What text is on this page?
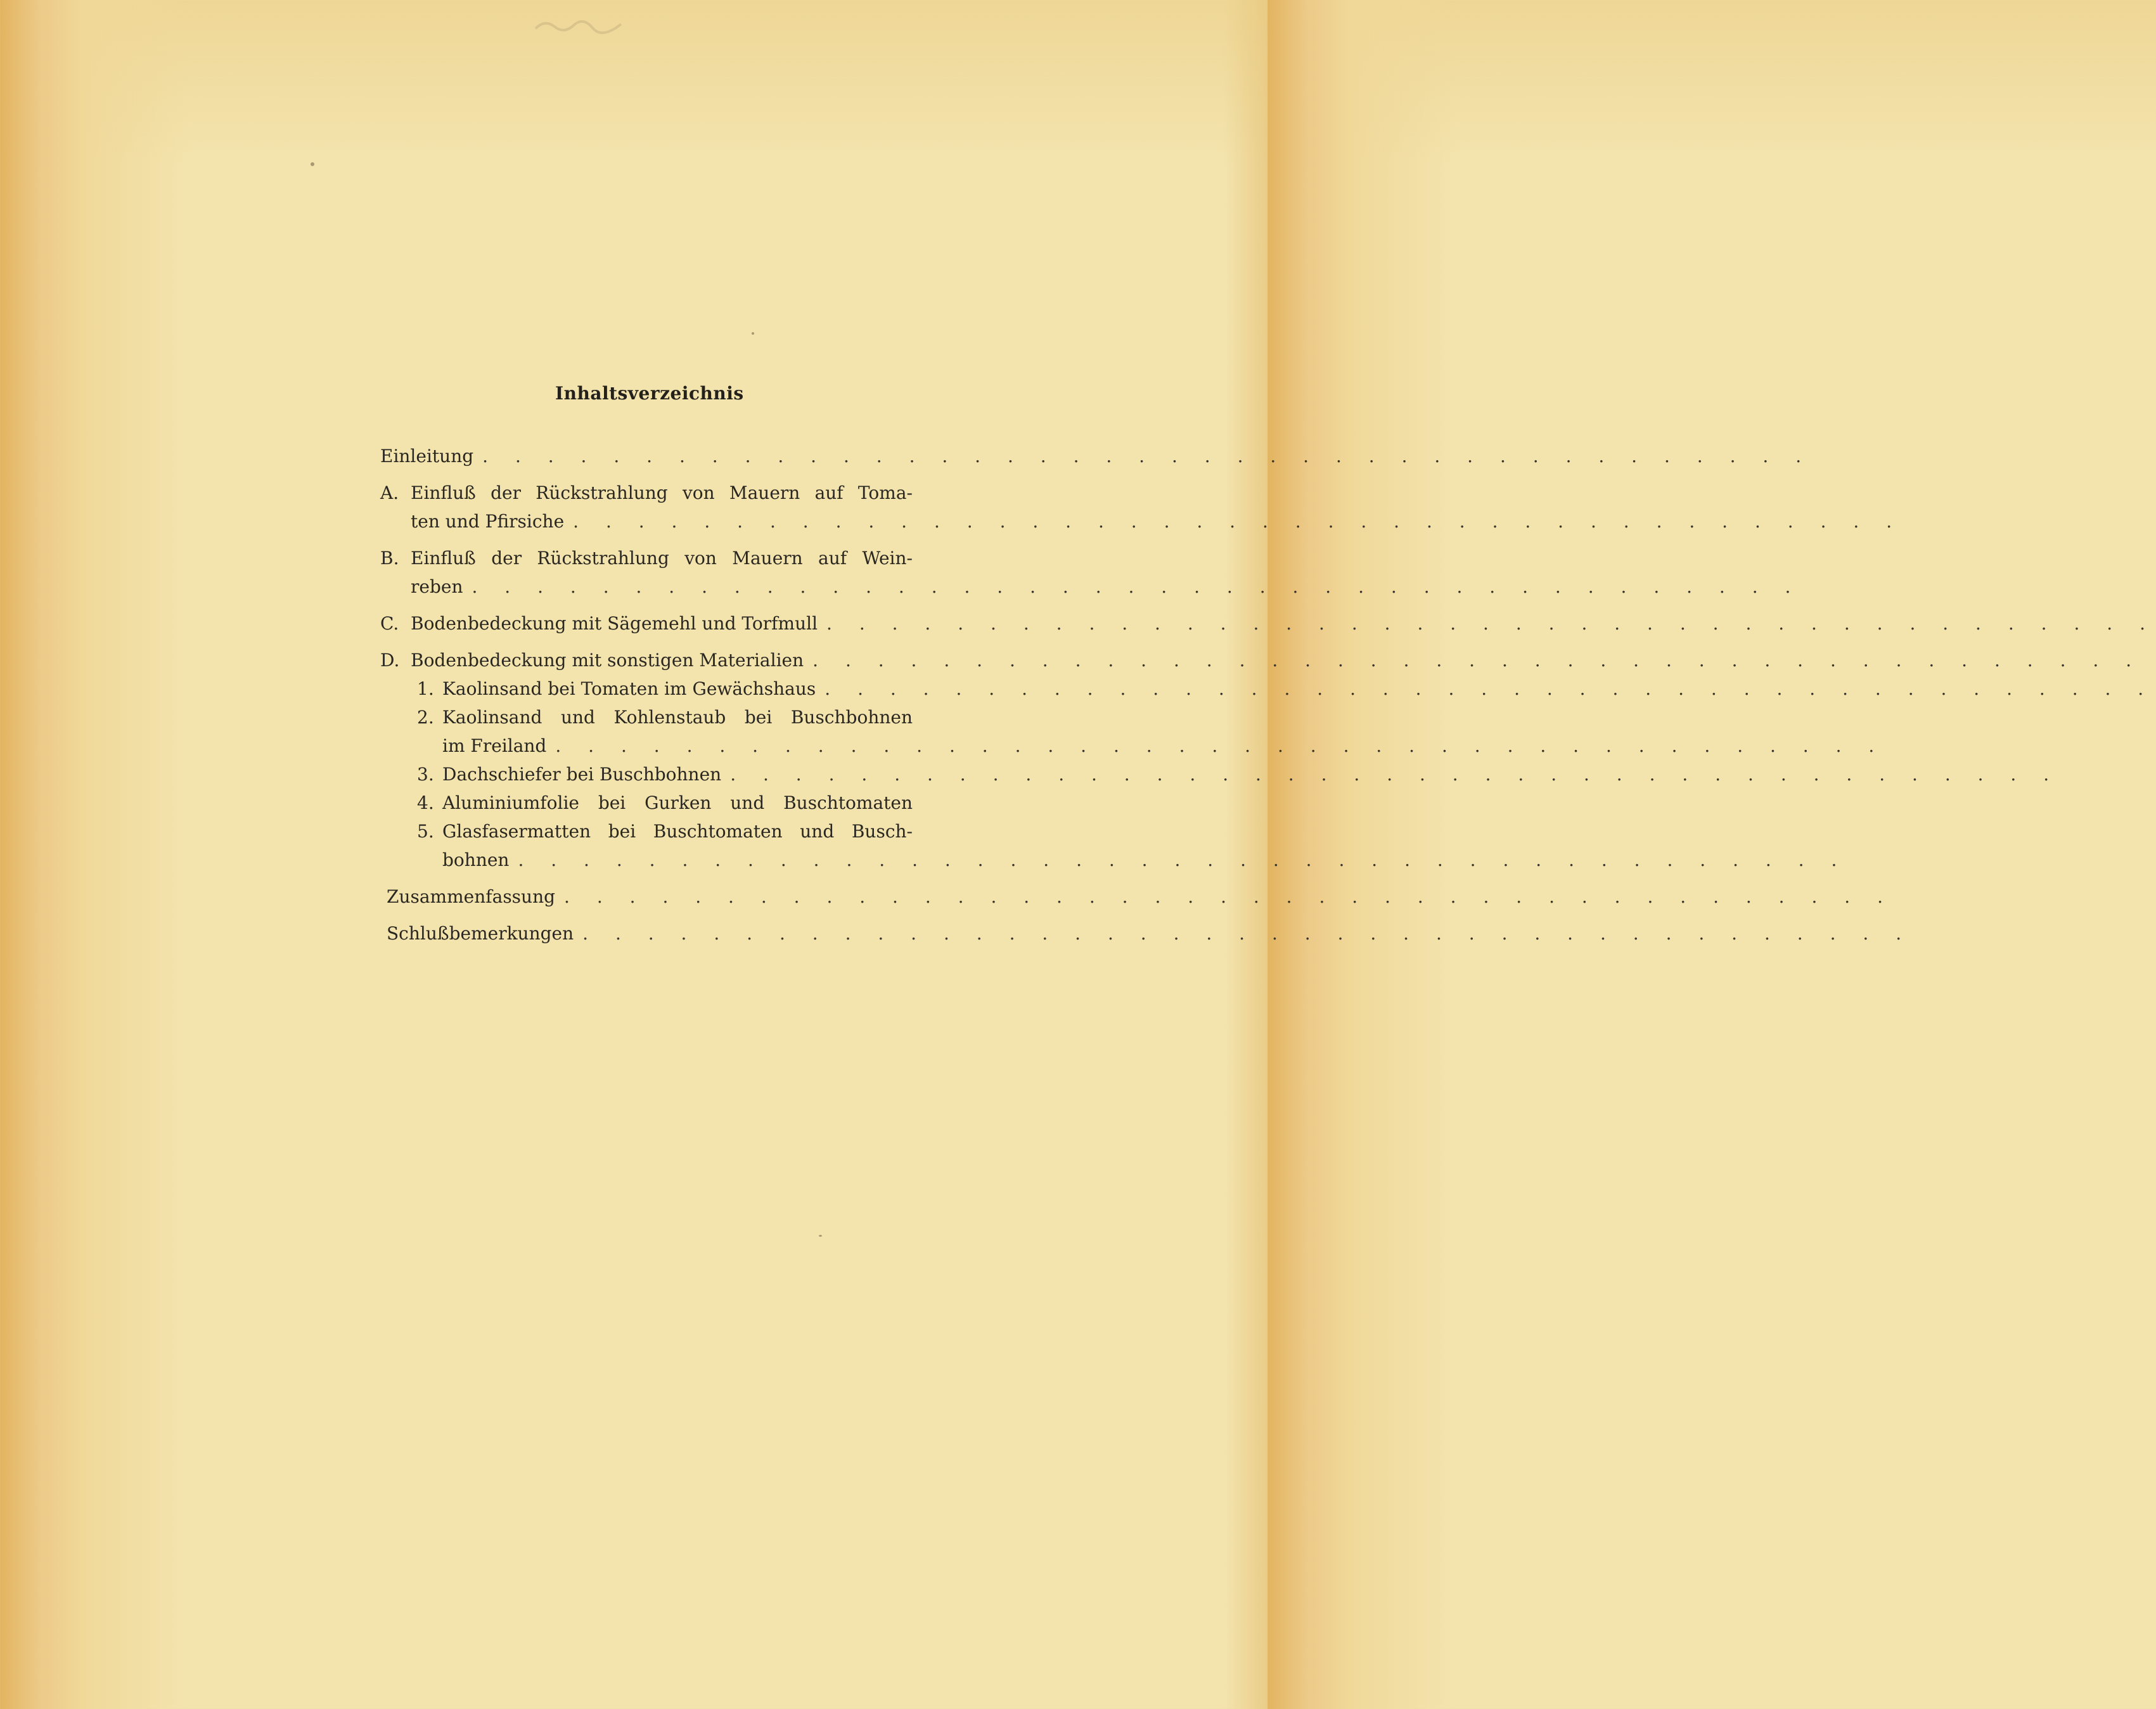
Inhaltsverzeichnis
Einleitung . . . . . . . . . . . . . . . . . . . . . . . . . . . . . . . . . . . . . . . . .
A. Einfluß der Rückstrahlung von Mauern auf Toma-
ten und Pfirsiche . . . . . . . . . . . . . . . . . . . . . . . . . . . . . . . . . . . . . . . . .
B. Einfluß der Rückstrahlung von Mauern auf Wein-
reben . . . . . . . . . . . . . . . . . . . . . . . . . . . . . . . . . . . . . . . . .
C. Bodenbedeckung mit Sägemehl und Torfmull . . . . . . . . . . . . . . . . . . . . . . . . . . . . . . . . . . . . . . . . .
D. Bodenbedeckung mit sonstigen Materialien . . . . . . . . . . . . . . . . . . . . . . . . . . . . . . . . . . . . . . . . .
1. Kaolinsand bei Tomaten im Gewächshaus . . . . . . . . . . . . . . . . . . . . . . . . . . . . . . . . . . . . . . . . .
2. Kaolinsand und Kohlenstaub bei Buschbohnen
im Freiland . . . . . . . . . . . . . . . . . . . . . . . . . . . . . . . . . . . . . . . . .
3. Dachschiefer bei Buschbohnen . . . . . . . . . . . . . . . . . . . . . . . . . . . . . . . . . . . . . . . . .
4. Aluminiumfolie bei Gurken und Buschtomaten
5. Glasfasermatten bei Buschtomaten und Busch-
bohnen . . . . . . . . . . . . . . . . . . . . . . . . . . . . . . . . . . . . . . . . .
Zusammenfassung . . . . . . . . . . . . . . . . . . . . . . . . . . . . . . . . . . . . . . . . .
Schlußbemerkungen . . . . . . . . . . . . . . . . . . . . . . . . . . . . . . . . . . . . . . . . .
